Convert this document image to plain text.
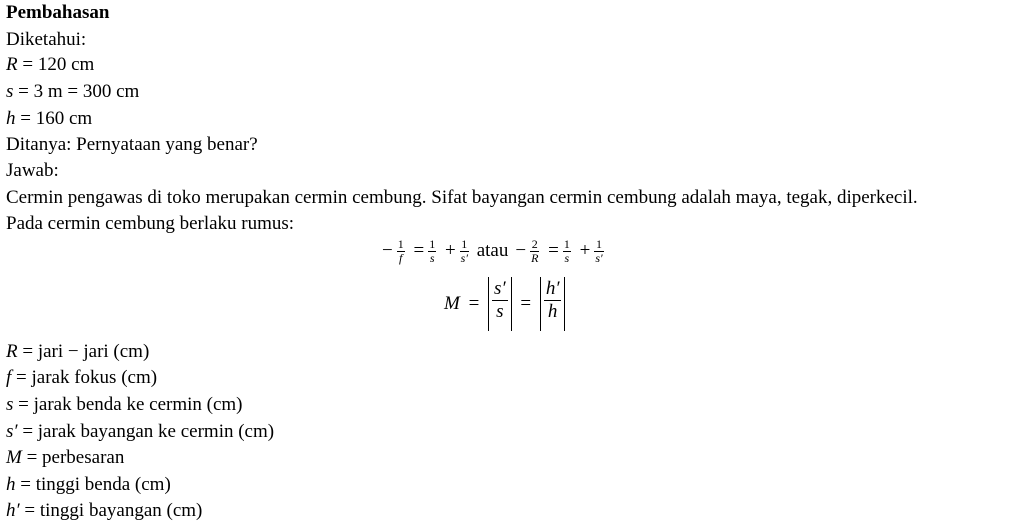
Pembahasan
Diketahui:
R = 120 cm
s = 3 m = 300 cm
h = 160 cm
Ditanya: Pernyataan yang benar?
Jawab:
Cermin pengawas di toko merupakan cermin cembung. Sifat bayangan cermin cembung adalah maya, tegak, diperkecil.
Pada cermin cembung berlaku rumus:
− $\frac{1}{f} = \frac{1}{s} + \frac{1}{s'}$ atau − $\frac{2}{R} = \frac{1}{s} + \frac{1}{s'}$
$M = \frac{s'}{s} = \frac{h'}{h}$
R = jari − jari (cm)
f = jarak fokus (cm)
s = jarak benda ke cermin (cm)
s′ = jarak bayangan ke cermin (cm)
M = perbesaran
h = tinggi benda (cm)
h′ = tinggi bayangan (cm)
